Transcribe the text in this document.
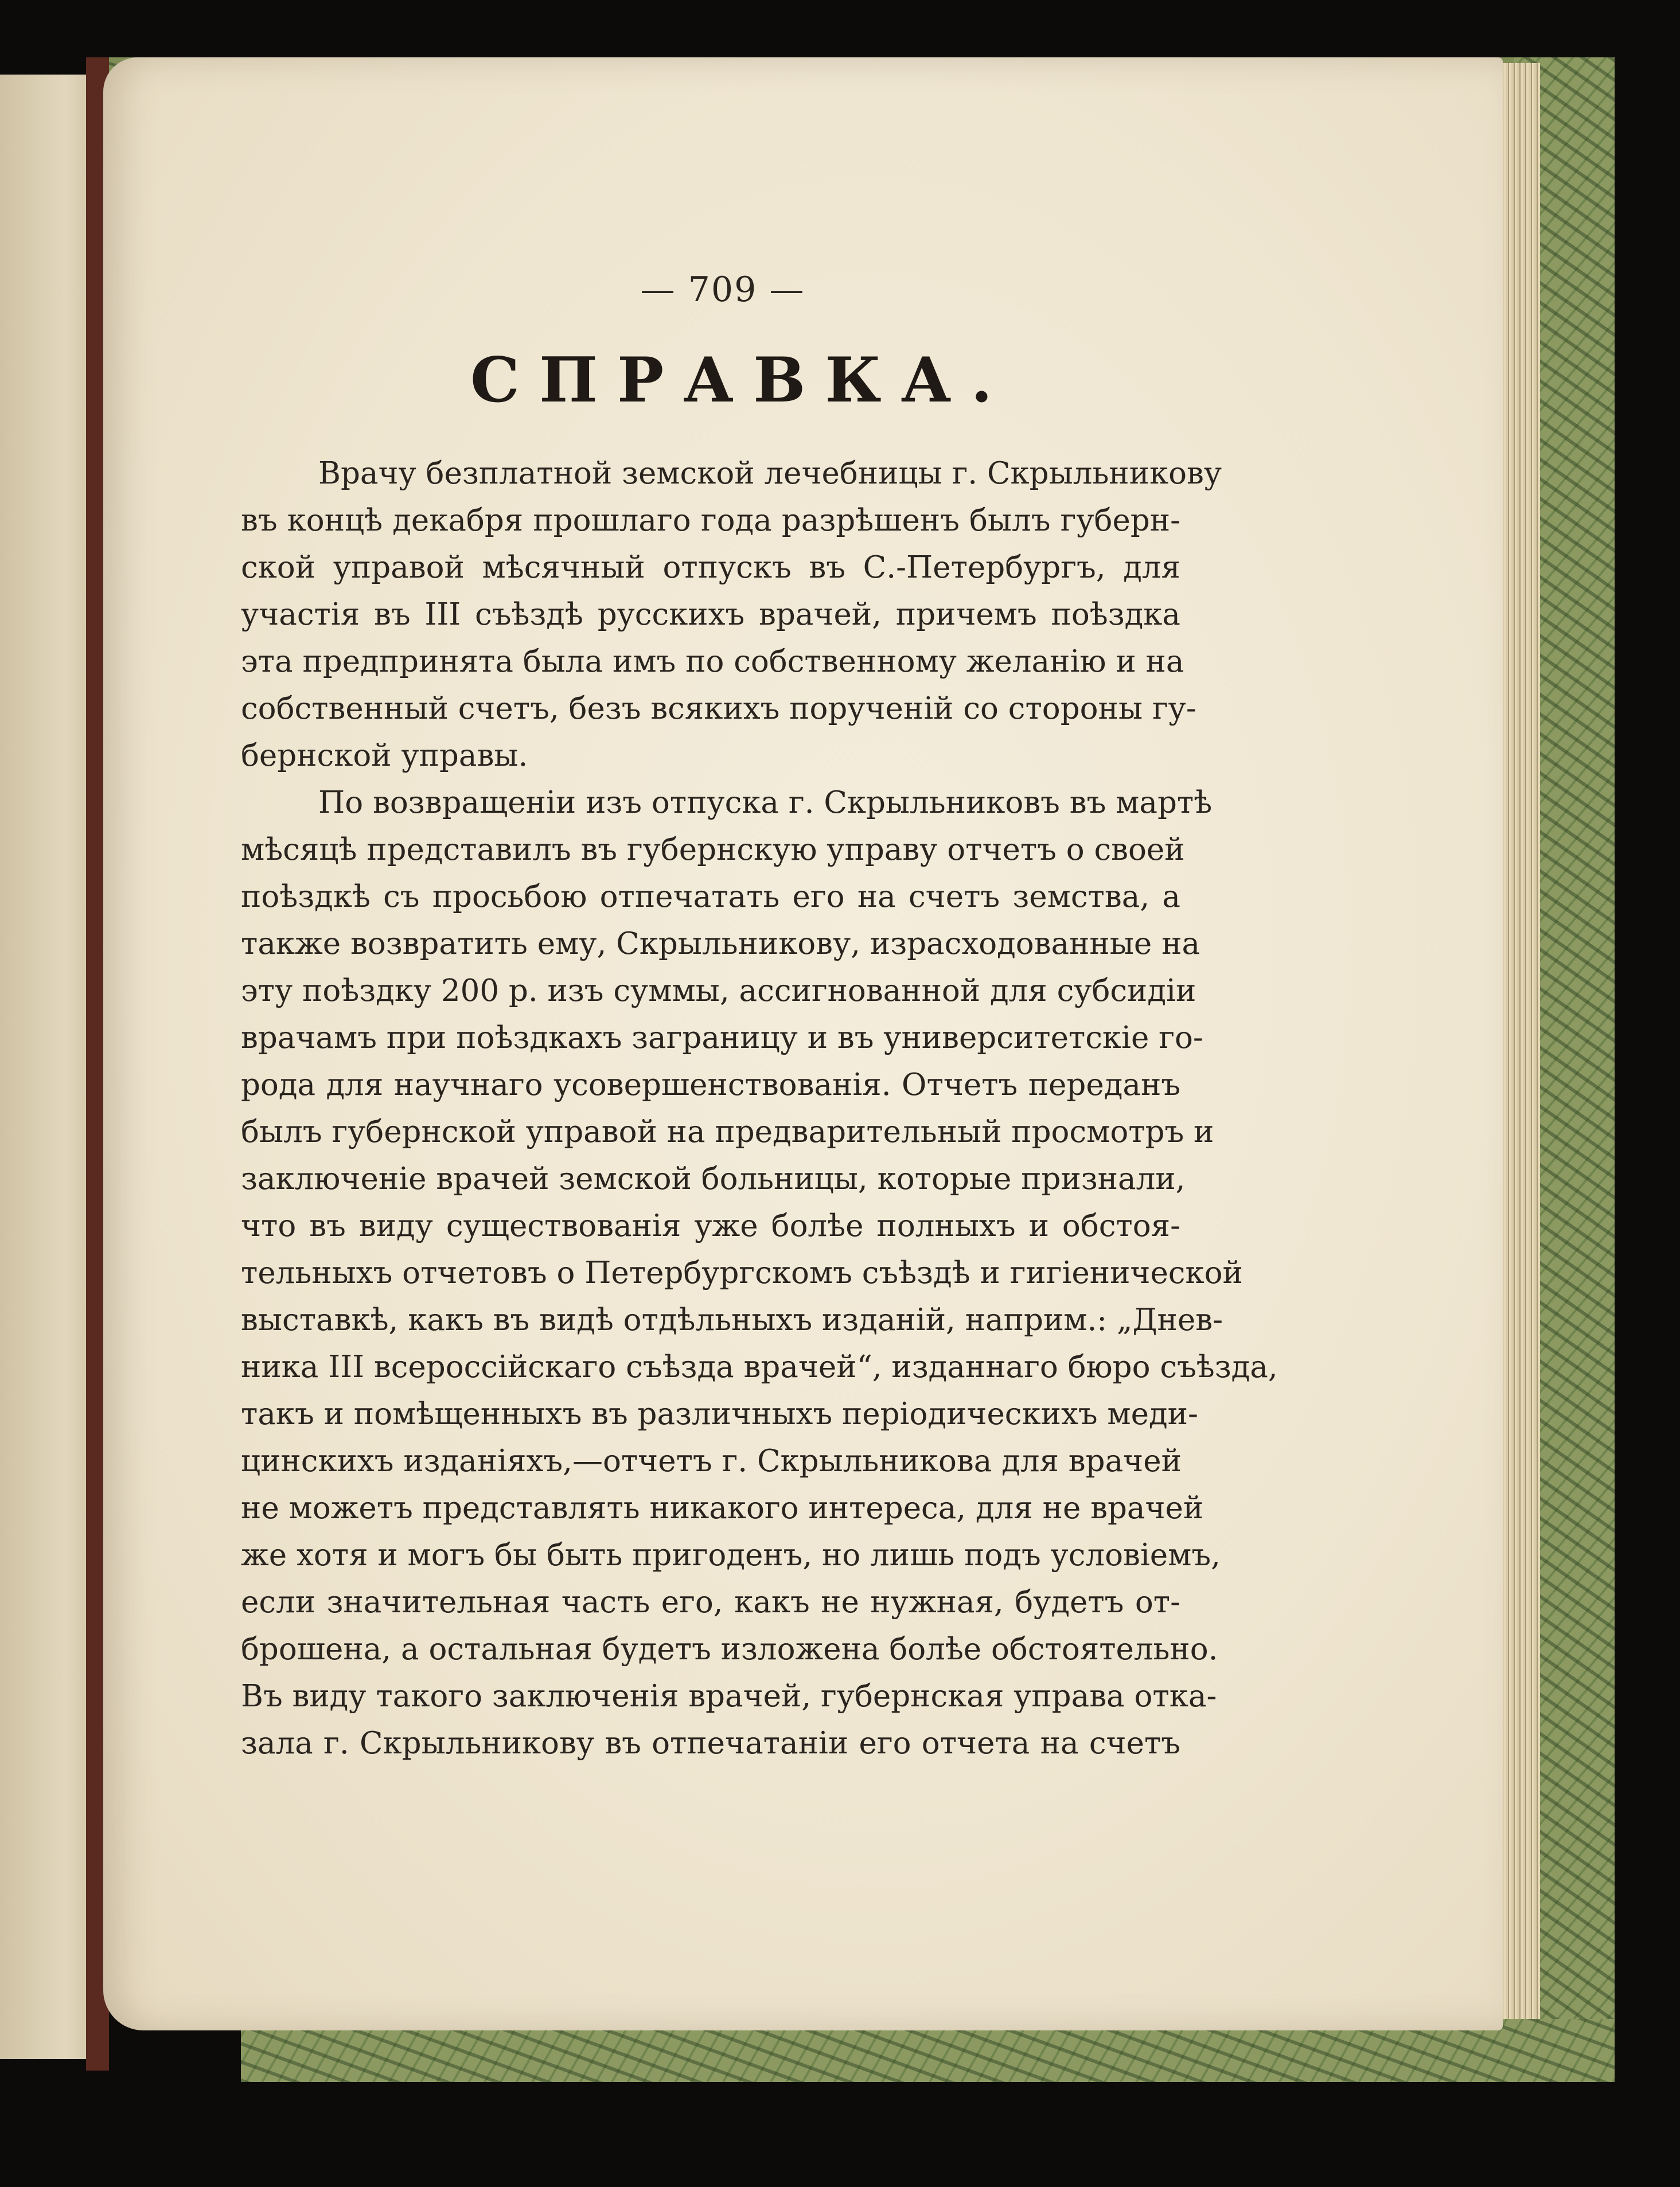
— 709 —
СПРАВКА.
Врачу безплатной земской лечебницы г. Скрыльникову
въ концѣ декабря прошлаго года разрѣшенъ былъ губерн-
ской управой мѣсячный отпускъ въ С.-Петербургъ, для
участія въ III съѣздѣ русскихъ врачей, причемъ поѣздка
эта предпринята была имъ по собственному желанію и на
собственный счетъ, безъ всякихъ порученій со стороны гу-
бернской управы.
По возвращеніи изъ отпуска г. Скрыльниковъ въ мартѣ
мѣсяцѣ представилъ въ губернскую управу отчетъ о своей
поѣздкѣ съ просьбою отпечатать его на счетъ земства, а
также возвратить ему, Скрыльникову, израсходованные на
эту поѣздку 200 р. изъ суммы, ассигнованной для субсидіи
врачамъ при поѣздкахъ заграницу и въ университетскіе го-
рода для научнаго усовершенствованія. Отчетъ переданъ
былъ губернской управой на предварительный просмотръ и
заключеніе врачей земской больницы, которые признали,
что въ виду существованія уже болѣе полныхъ и обстоя-
тельныхъ отчетовъ о Петербургскомъ съѣздѣ и гигіенической
выставкѣ, какъ въ видѣ отдѣльныхъ изданій, наприм.: „Днев-
ника III всероссійскаго съѣзда врачей“, изданнаго бюро съѣзда,
такъ и помѣщенныхъ въ различныхъ періодическихъ меди-
цинскихъ изданіяхъ,—отчетъ г. Скрыльникова для врачей
не можетъ представлять никакого интереса, для не врачей
же хотя и могъ бы быть пригоденъ, но лишь подъ условіемъ,
если значительная часть его, какъ не нужная, будетъ от-
брошена, а остальная будетъ изложена болѣе обстоятельно.
Въ виду такого заключенія врачей, губернская управа отка-
зала г. Скрыльникову въ отпечатаніи его отчета на счетъ
